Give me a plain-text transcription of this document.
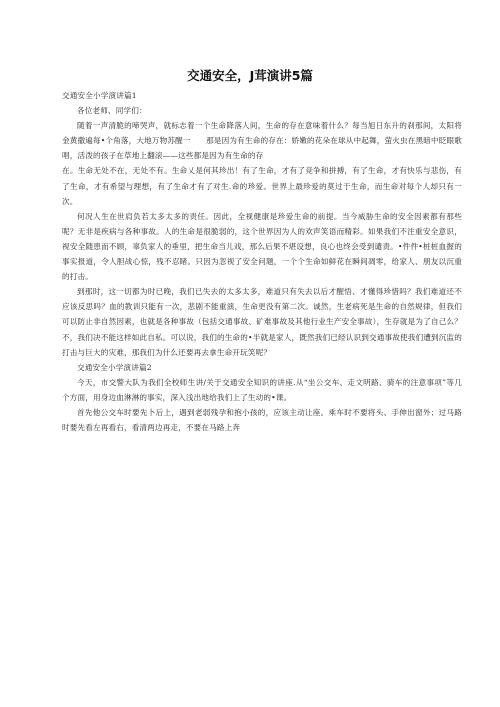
交通安全，J茸演讲5篇

交通安全小学演讲篇1

各位老师、同学们：

随着一声清脆的啼哭声，就标志着一个生命降落人间，生命的存在意味着什么？每当旭日东升的刹那间，太阳将金黄撒遍每•个角落，大地万物苏醒一　　那是因为有生命的存在：娇嫩的花朵在球从中起舞，萤火虫在黑暗中眨眼歌唱，活泼的孩子在草地上翻滚——这些都是因为有生命的存

在。生命无处不在，无处不有。生命乂是何其珍出！有了生命，才有了竞争和拼搏，有了生命，才有快乐与悲伤，有了生命，才有希望与理想，有了生命才有了对生.命的珍爱。世界上最珍爱的莫过于生命，而生命对每个人却只有一次。

何况人生在世肩负若太多太多的责任。因此，全视健康是珍爱生命的前提。当今威胁生命的安全因素都有那些呢？无非是疾病与各种事故。人的生命是很脆弱的，这个世界因为人的欢声笑语而精彩。如果我们不注重安全意识，视安全随患而不顾，辜负家人的垂里，把生命当儿戏，那么后果不堪设想，良心也终会受到谴责。•件件•桩桩血握的事实报道，令人胆战心惊，残不忍睹。只因为忽视了安全问题，一个个生命如鲜花在瞬间凋零，给家人、朋友以沉重的打击。

到那时，这一切都为时已晚，我们已失去的太多太多，难道只有失去以后才醒悟、才懂得珍惜吗？我们难道还不应该反思吗？血的教训只能有一次，悲剧不能重演，生命更没有第二次。诚然，生老病死是生命的自然规律，但我们可以防止非自然因素，也就是各种事故（包括交通事故、矿难事故及其他行业生产安全事故），生存就是为了自己么？不，我们决不能这样如此自私。可以说，我们的生命的•半就是家人，既然我们已经认识到交通事故使我们遭到沉监的打击与巨大的灾难，那我们为什么还要再去拿生命开玩笑呢？

交通安全小学演讲篇2

今天，市交警大队为我们全校师生讲/关于交通安全知识的讲座.从“坐公交车、走文明路、骑车的注意事项”等几个方面，用身边血淋淋的事实，深入浅出地给我们上了生动的•课。

首先他公交车时要先卜后上，遇到老弱残孕和抱小孩的，应该主动让座。乘车时不要将头、手伸出窗外；过马路时要先看左再看右，看清两边再走，不要在马路上奔
